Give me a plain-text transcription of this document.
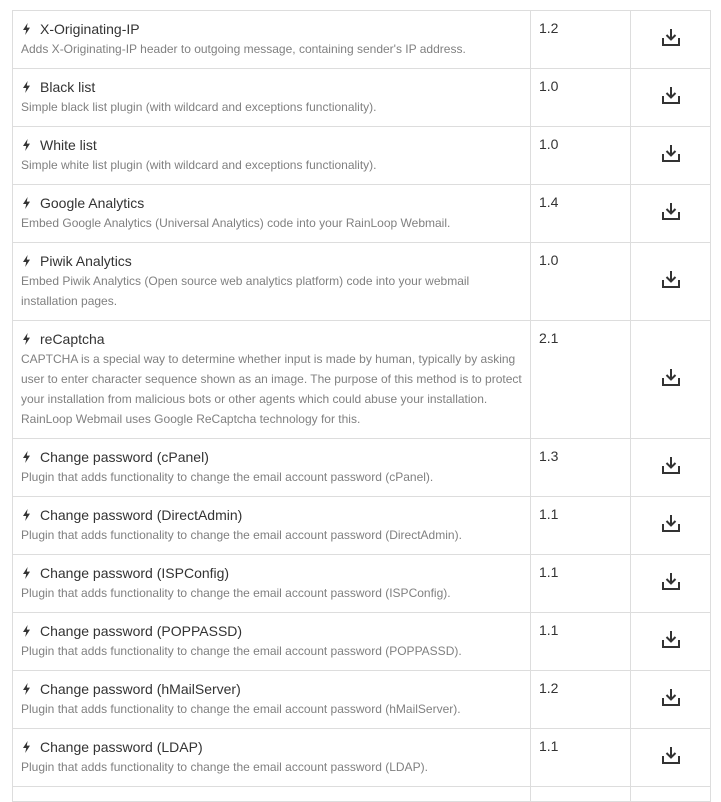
X-Originating-IP
Adds X-Originating-IP header to outgoing message, containing sender's IP address.	1.2	

Black list
Simple black list plugin (with wildcard and exceptions functionality).	1.0	

White list
Simple white list plugin (with wildcard and exceptions functionality).	1.0	

Google Analytics
Embed Google Analytics (Universal Analytics) code into your RainLoop Webmail.	1.4	

Piwik Analytics
Embed Piwik Analytics (Open source web analytics platform) code into your webmail installation pages.	1.0	

reCaptcha
CAPTCHA is a special way to determine whether input is made by human, typically by asking user to enter character sequence shown as an image. The purpose of this method is to protect your installation from malicious bots or other agents which could abuse your installation. RainLoop Webmail uses Google ReCaptcha technology for this.	2.1	

Change password (cPanel)
Plugin that adds functionality to change the email account password (cPanel).	1.3	

Change password (DirectAdmin)
Plugin that adds functionality to change the email account password (DirectAdmin).	1.1	

Change password (ISPConfig)
Plugin that adds functionality to change the email account password (ISPConfig).	1.1	

Change password (POPPASSD)
Plugin that adds functionality to change the email account password (POPPASSD).	1.1	

Change password (hMailServer)
Plugin that adds functionality to change the email account password (hMailServer).	1.2	

Change password (LDAP)
Plugin that adds functionality to change the email account password (LDAP).	1.1	
